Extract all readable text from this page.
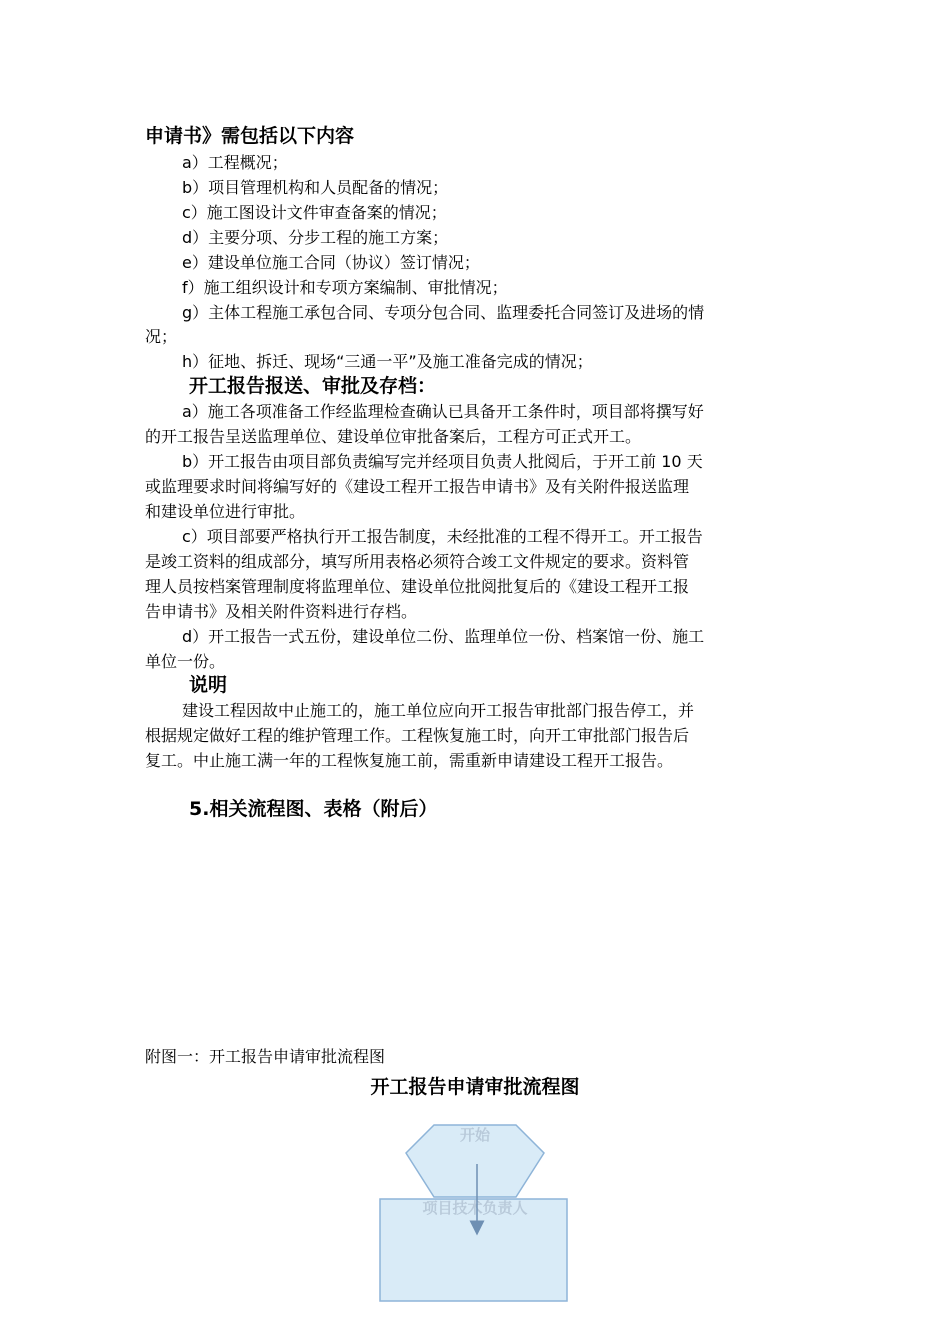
申请书》需包括以下内容
a）工程概况；
b）项目管理机构和人员配备的情况；
c）施工图设计文件审查备案的情况；
d）主要分项、分步工程的施工方案；
e）建设单位施工合同（协议）签订情况；
f）施工组织设计和专项方案编制、审批情况；
g）主体工程施工承包合同、专项分包合同、监理委托合同签订及进场的情
况；
h）征地、拆迁、现场“三通一平”及施工准备完成的情况；
开工报告报送、审批及存档：
a）施工各项准备工作经监理检查确认已具备开工条件时，项目部将撰写好
的开工报告呈送监理单位、建设单位审批备案后，工程方可正式开工。
b）开工报告由项目部负责编写完并经项目负责人批阅后，于开工前 10 天
或监理要求时间将编写好的《建设工程开工报告申请书》及有关附件报送监理
和建设单位进行审批。
c）项目部要严格执行开工报告制度，未经批准的工程不得开工。开工报告
是竣工资料的组成部分，填写所用表格必须符合竣工文件规定的要求。资料管
理人员按档案管理制度将监理单位、建设单位批阅批复后的《建设工程开工报
告申请书》及相关附件资料进行存档。
d）开工报告一式五份，建设单位二份、监理单位一份、档案馆一份、施工
单位一份。
说明
建设工程因故中止施工的，施工单位应向开工报告审批部门报告停工，并
根据规定做好工程的维护管理工作。工程恢复施工时，向开工审批部门报告后
复工。中止施工满一年的工程恢复施工前，需重新申请建设工程开工报告。
5.相关流程图、表格（附后）
附图一：开工报告申请审批流程图
开工报告申请审批流程图
开始
项目技术负责人
